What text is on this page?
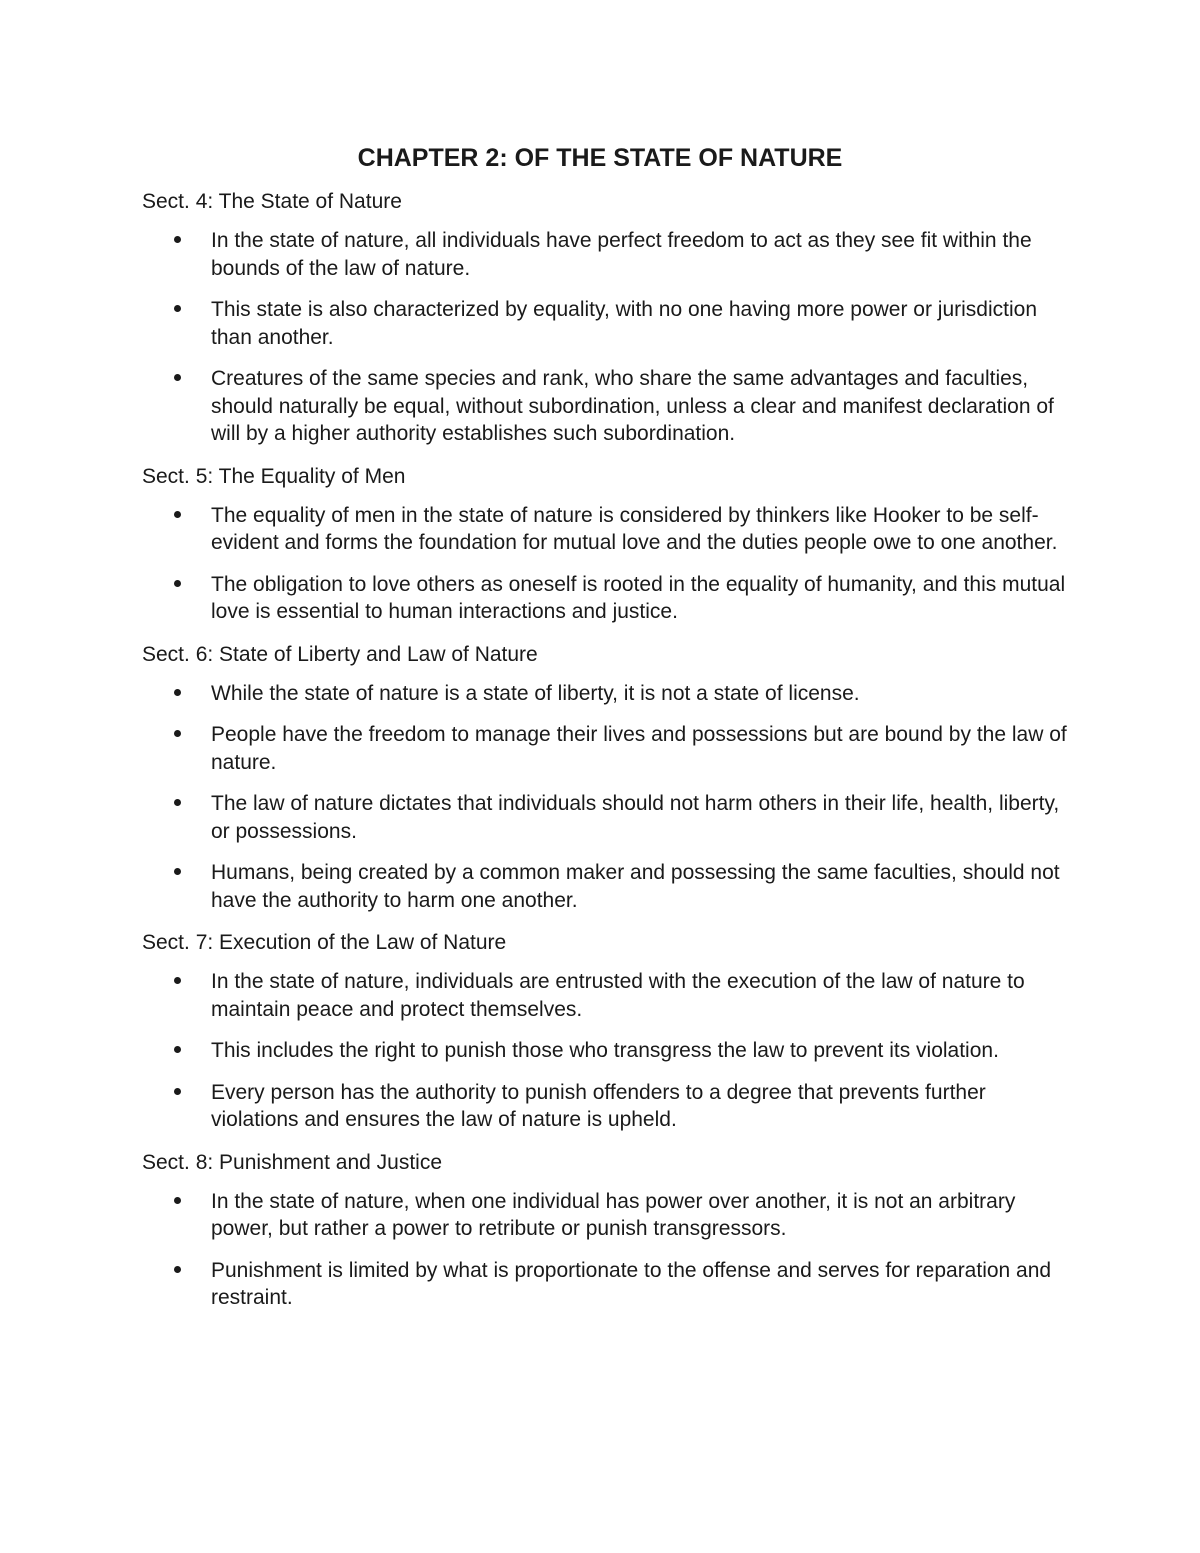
CHAPTER 2: OF THE STATE OF NATURE

Sect. 4: The State of Nature

In the state of nature, all individuals have perfect freedom to act as they see fit within the bounds of the law of nature.
This state is also characterized by equality, with no one having more power or jurisdiction than another.
Creatures of the same species and rank, who share the same advantages and faculties, should naturally be equal, without subordination, unless a clear and manifest declaration of will by a higher authority establishes such subordination.

Sect. 5: The Equality of Men

The equality of men in the state of nature is considered by thinkers like Hooker to be self-evident and forms the foundation for mutual love and the duties people owe to one another.
The obligation to love others as oneself is rooted in the equality of humanity, and this mutual love is essential to human interactions and justice.

Sect. 6: State of Liberty and Law of Nature

While the state of nature is a state of liberty, it is not a state of license.
People have the freedom to manage their lives and possessions but are bound by the law of nature.
The law of nature dictates that individuals should not harm others in their life, health, liberty, or possessions.
Humans, being created by a common maker and possessing the same faculties, should not have the authority to harm one another.

Sect. 7: Execution of the Law of Nature

In the state of nature, individuals are entrusted with the execution of the law of nature to maintain peace and protect themselves.
This includes the right to punish those who transgress the law to prevent its violation.
Every person has the authority to punish offenders to a degree that prevents further violations and ensures the law of nature is upheld.

Sect. 8: Punishment and Justice

In the state of nature, when one individual has power over another, it is not an arbitrary power, but rather a power to retribute or punish transgressors.
Punishment is limited by what is proportionate to the offense and serves for reparation and restraint.
